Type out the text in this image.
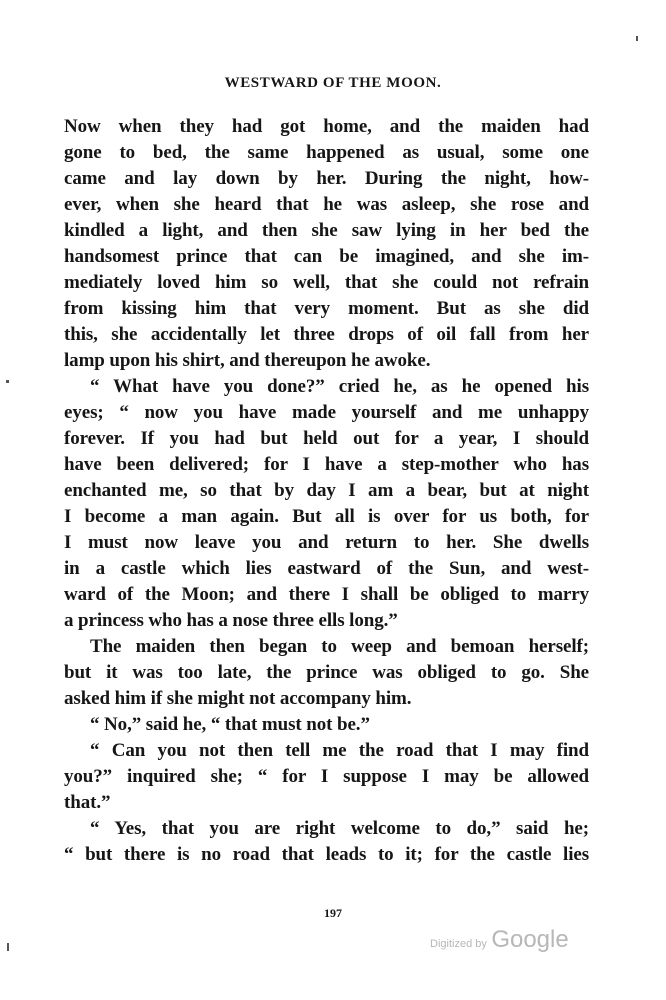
WESTWARD OF THE MOON.
Now when they had got home, and the maiden had
gone to bed, the same happened as usual, some one
came and lay down by her. During the night, how-
ever, when she heard that he was asleep, she rose and
kindled a light, and then she saw lying in her bed the
handsomest prince that can be imagined, and she im-
mediately loved him so well, that she could not refrain
from kissing him that very moment. But as she did
this, she accidentally let three drops of oil fall from her
lamp upon his shirt, and thereupon he awoke.
“ What have you done?” cried he, as he opened his
eyes; “ now you have made yourself and me unhappy
forever. If you had but held out for a year, I should
have been delivered; for I have a step-mother who has
enchanted me, so that by day I am a bear, but at night
I become a man again. But all is over for us both, for
I must now leave you and return to her. She dwells
in a castle which lies eastward of the Sun, and west-
ward of the Moon; and there I shall be obliged to marry
a princess who has a nose three ells long.”
The maiden then began to weep and bemoan herself;
but it was too late, the prince was obliged to go. She
asked him if she might not accompany him.
“ No,” said he, “ that must not be.”
“ Can you not then tell me the road that I may find
you?” inquired she; “ for I suppose I may be allowed
that.”
“ Yes, that you are right welcome to do,” said he;
“ but there is no road that leads to it; for the castle lies
197
Digitized by Google
